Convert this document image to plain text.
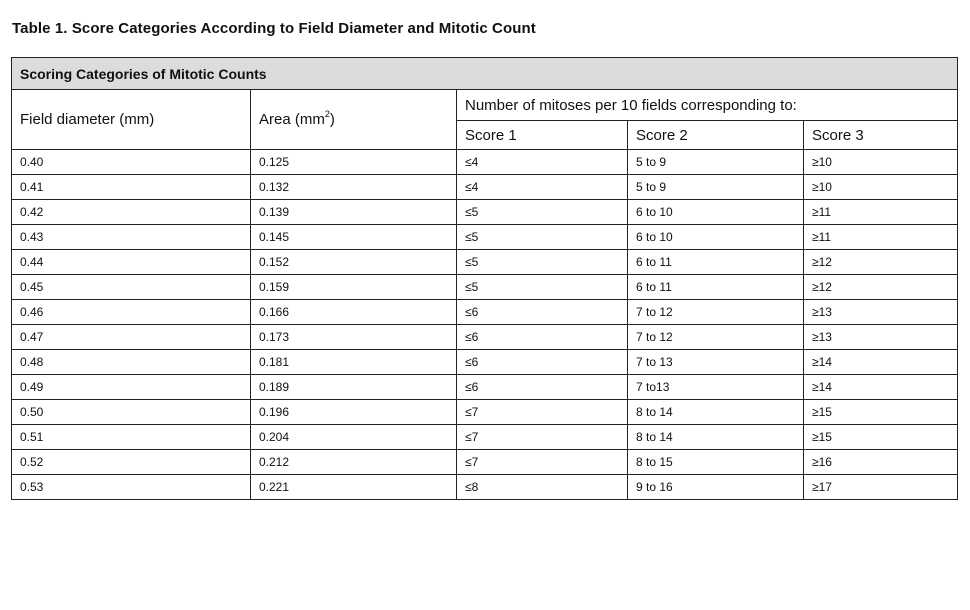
Table 1. Score Categories According to Field Diameter and Mitotic Count
Scoring Categories of Mitotic Counts				
Field diameter (mm)	Area $(mm^2)$	Number of mitoses per 10 fields corresponding to:		
		Score 1	Score 2	Score 3
0.40	0.125	≤4	5 to 9	≥10
0.41	0.132	≤4	5 to 9	≥10
0.42	0.139	≤5	6 to 10	≥11
0.43	0.145	≤5	6 to 10	≥11
0.44	0.152	≤5	6 to 11	≥12
0.45	0.159	≤5	6 to 11	≥12
0.46	0.166	≤6	7 to 12	≥13
0.47	0.173	≤6	7 to 12	≥13
0.48	0.181	≤6	7 to 13	≥14
0.49	0.189	≤6	7 to13	≥14
0.50	0.196	≤7	8 to 14	≥15
0.51	0.204	≤7	8 to 14	≥15
0.52	0.212	≤7	8 to 15	≥16
0.53	0.221	≤8	9 to 16	≥17
